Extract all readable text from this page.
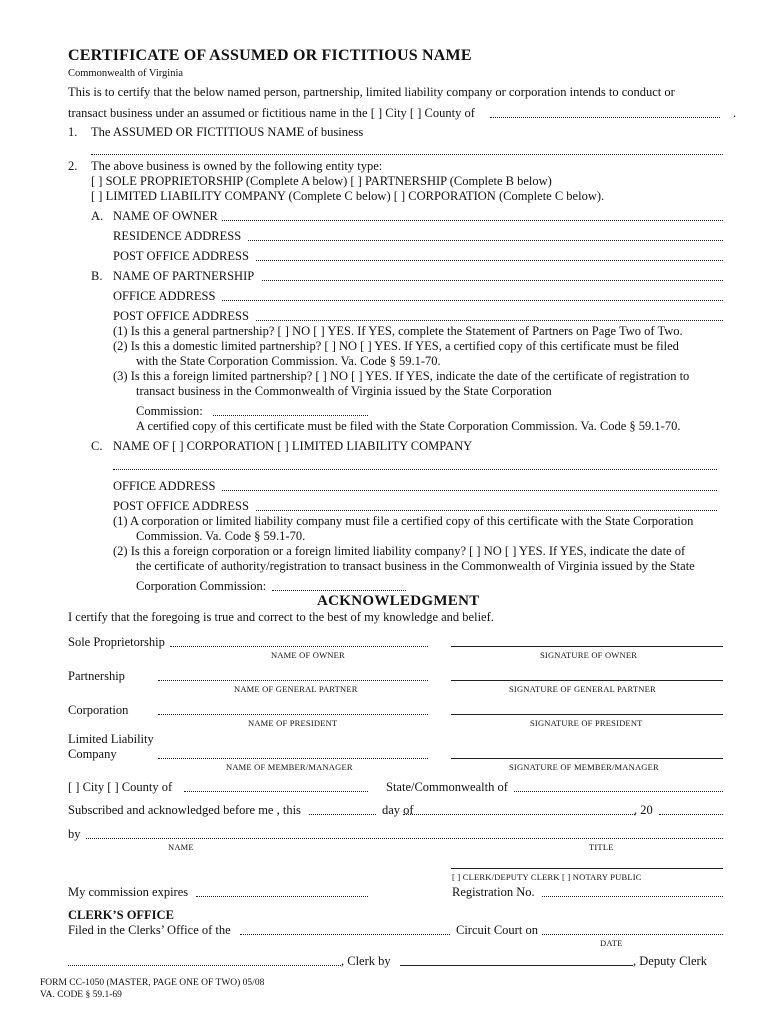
CERTIFICATE OF ASSUMED OR FICTITIOUS NAME
Commonwealth of Virginia
This is to certify that the below named person, partnership, limited liability company or corporation intends to conduct or
transact business under an assumed or fictitious name in the [ ] City [ ] County of	.
1. The ASSUMED OR FICTITIOUS NAME of business
2. The above business is owned by the following entity type:
[ ] SOLE PROPRIETORSHIP (Complete A below) [ ] PARTNERSHIP (Complete B below)
[ ] LIMITED LIABILITY COMPANY (Complete C below) [ ] CORPORATION (Complete C below).
A. NAME OF OWNER
RESIDENCE ADDRESS
POST OFFICE ADDRESS
B. NAME OF PARTNERSHIP
OFFICE ADDRESS
POST OFFICE ADDRESS
(1) Is this a general partnership? [ ] NO [ ] YES. If YES, complete the Statement of Partners on Page Two of Two.
(2) Is this a domestic limited partnership? [ ] NO [ ] YES. If YES, a certified copy of this certificate must be filed
with the State Corporation Commission. Va. Code § 59.1-70.
(3) Is this a foreign limited partnership? [ ] NO [ ] YES. If YES, indicate the date of the certificate of registration to
transact business in the Commonwealth of Virginia issued by the State Corporation
Commission:
A certified copy of this certificate must be filed with the State Corporation Commission. Va. Code § 59.1-70.
C. NAME OF [ ] CORPORATION [ ] LIMITED LIABILITY COMPANY
OFFICE ADDRESS
POST OFFICE ADDRESS
(1) A corporation or limited liability company must file a certified copy of this certificate with the State Corporation
Commission. Va. Code § 59.1-70.
(2) Is this a foreign corporation or a foreign limited liability company? [ ] NO [ ] YES. If YES, indicate the date of
the certificate of authority/registration to transact business in the Commonwealth of Virginia issued by the State
Corporation Commission:
ACKNOWLEDGMENT
I certify that the foregoing is true and correct to the best of my knowledge and belief.
Sole Proprietorship
NAME OF OWNER	SIGNATURE OF OWNER
Partnership
NAME OF GENERAL PARTNER	SIGNATURE OF GENERAL PARTNER
Corporation
NAME OF PRESIDENT	SIGNATURE OF PRESIDENT
Limited Liability
Company
NAME OF MEMBER/MANAGER	SIGNATURE OF MEMBER/MANAGER
[ ] City [ ] County of	State/Commonwealth of
Subscribed and acknowledged before me , this	day of	, 20
by
NAME	TITLE
[ ] CLERK/DEPUTY CLERK [ ] NOTARY PUBLIC
My commission expires	Registration No.
CLERK’S OFFICE
Filed in the Clerks’ Office of the	Circuit Court on
DATE
, Clerk by	, Deputy Clerk
FORM CC-1050 (MASTER, PAGE ONE OF TWO) 05/08
VA. CODE § 59.1-69
